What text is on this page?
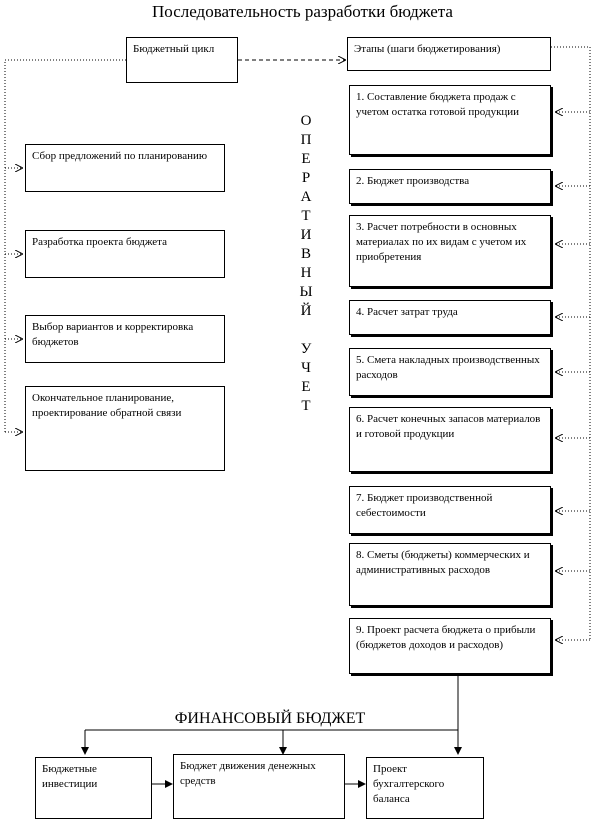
Последовательность разработки бюджета
Бюджетный цикл	Этапы (шаги бюджетирования)
Сбор предложений по планированию
Разработка проекта бюджета
Выбор вариантов и корректировка бюджетов
Окончательное планирование, проектирование обратной связи
О
П
Е
Р
А
Т
И
В
Н
Ы
Й

У
Ч
Е
Т
1. Составление бюджета продаж с учетом остатка готовой продукции
2. Бюджет производства
3. Расчет потребности в основных материалах по их видам с учетом их приобретения
4. Расчет затрат труда
5. Смета накладных производственных расходов
6. Расчет конечных запасов материалов и готовой продукции
7. Бюджет производственной себестоимости
8. Сметы (бюджеты) коммерческих и административных расходов
9. Проект расчета бюджета о прибыли (бюджетов доходов и расходов)
ФИНАНСОВЫЙ БЮДЖЕТ
Бюджетные инвестиции
Бюджет движения денежных средств
Проект бухгалтерского баланса
